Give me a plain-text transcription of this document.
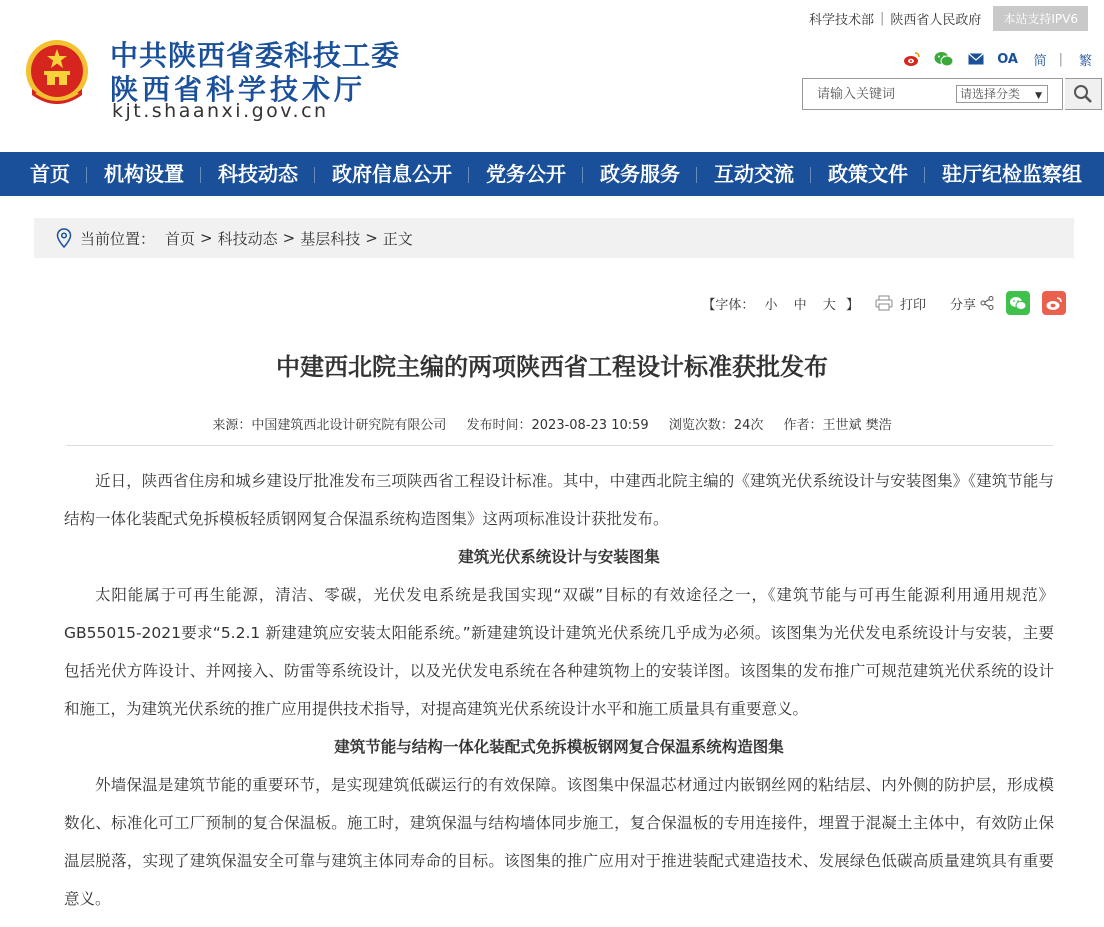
中共陕西省委科技工委
陕西省科学技术厅
kjt.shaanxi.gov.cn
科学技术部 | 陕西省人民政府	本站支持IPV6
OA 简 | 繁
请输入关键词
请选择分类 ▼
首页	机构设置	科技动态	政府信息公开	党务公开	政务服务	互动交流	政策文件	驻厅纪检监察组
当前位置： 首页 > 科技动态 > 基层科技 > 正文
【字体： 小 中 大 】	打印 分享
中建西北院主编的两项陕西省工程设计标准获批发布
来源：中国建筑西北设计研究院有限公司 发布时间：2023-08-23 10:59 浏览次数：24次 作者：王世斌 樊浩

近日，陕西省住房和城乡建设厅批准发布三项陕西省工程设计标准。其中，中建西北院主编的《建筑光伏系统设计与安装图集》《建筑节能与结构一体化装配式免拆模板轻质钢网复合保温系统构造图集》这两项标准设计获批发布。

建筑光伏系统设计与安装图集

太阳能属于可再生能源，清洁、零碳，光伏发电系统是我国实现“双碳”目标的有效途径之一，《建筑节能与可再生能源利用通用规范》GB55015-2021要求“5.2.1 新建建筑应安装太阳能系统。”新建建筑设计建筑光伏系统几乎成为必须。该图集为光伏发电系统设计与安装，主要包括光伏方阵设计、并网接入、防雷等系统设计，以及光伏发电系统在各种建筑物上的安装详图。该图集的发布推广可规范建筑光伏系统的设计和施工，为建筑光伏系统的推广应用提供技术指导，对提高建筑光伏系统设计水平和施工质量具有重要意义。

建筑节能与结构一体化装配式免拆模板钢网复合保温系统构造图集

外墙保温是建筑节能的重要环节，是实现建筑低碳运行的有效保障。该图集中保温芯材通过内嵌钢丝网的粘结层、内外侧的防护层，形成模数化、标准化可工厂预制的复合保温板。施工时，建筑保温与结构墙体同步施工，复合保温板的专用连接件，埋置于混凝土主体中，有效防止保温层脱落，实现了建筑保温安全可靠与建筑主体同寿命的目标。该图集的推广应用对于推进装配式建造技术、发展绿色低碳高质量建筑具有重要意义。
